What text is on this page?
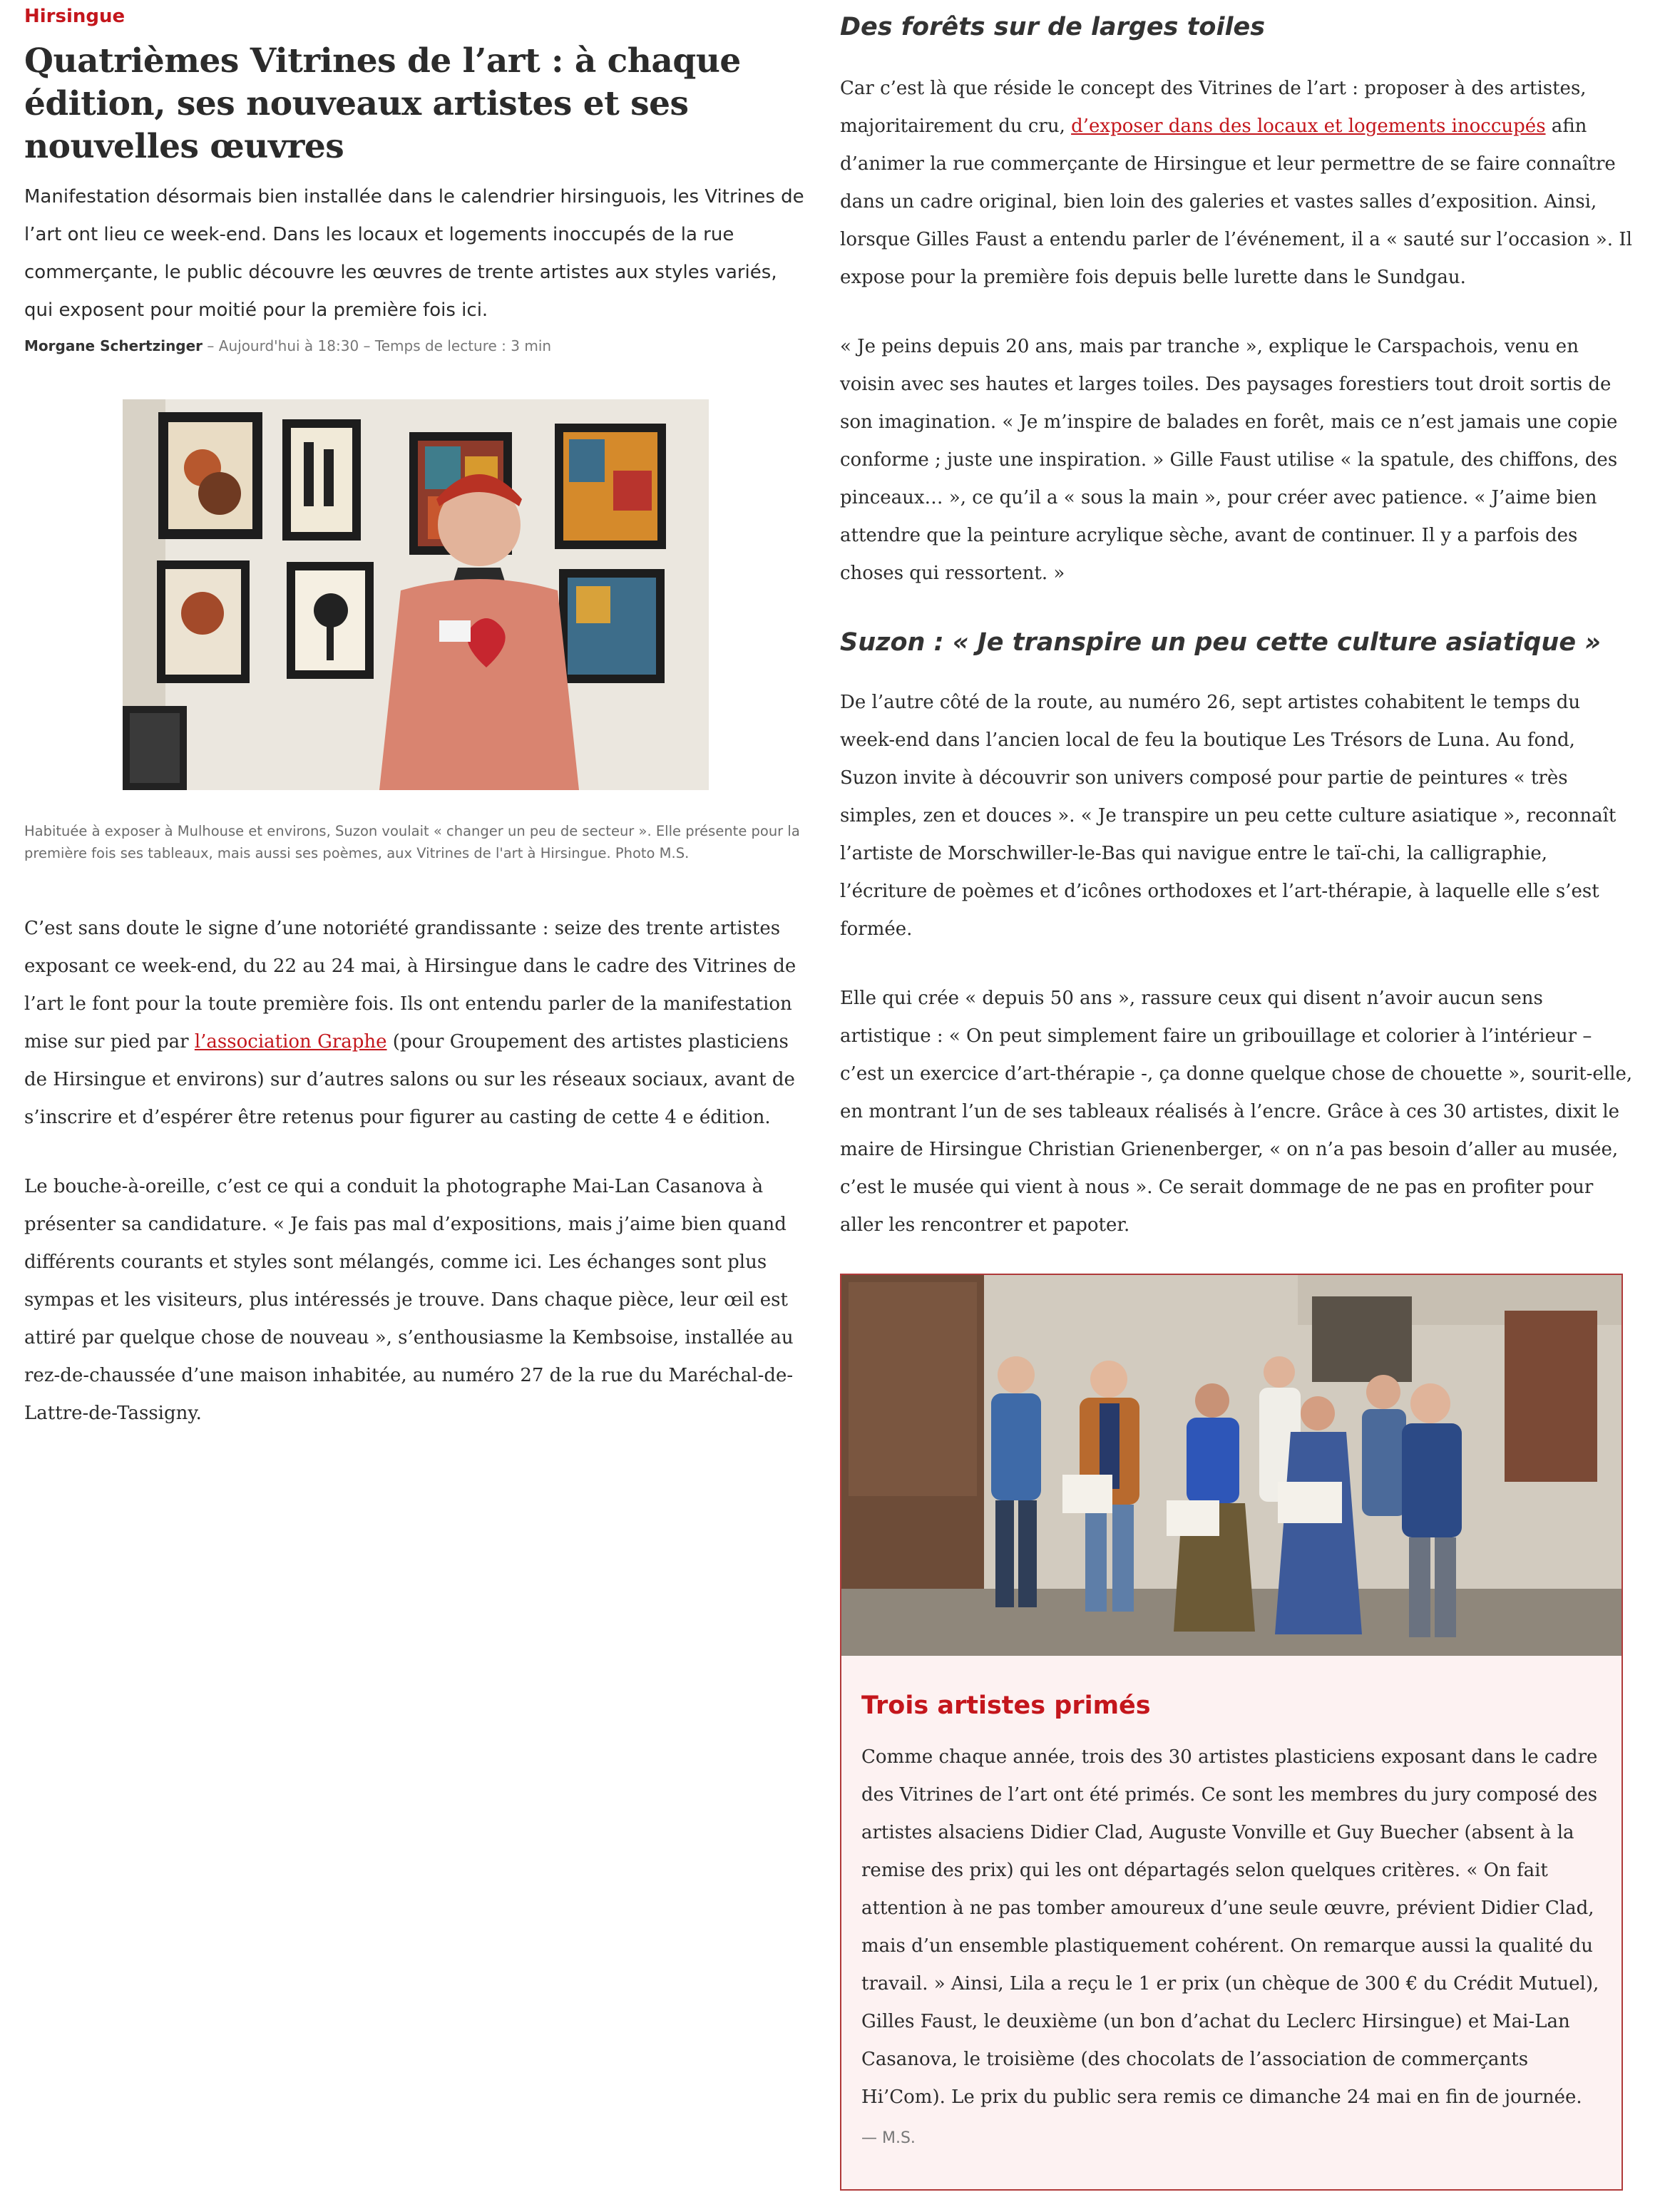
Hirsingue
Quatrièmes Vitrines de l’art : à chaque édition, ses nouveaux artistes et ses nouvelles œuvres
Manifestation désormais bien installée dans le calendrier hirsinguois, les Vitrines de l’art ont lieu ce week-end. Dans les locaux et logements inoccupés de la rue commerçante, le public découvre les œuvres de trente artistes aux styles variés, qui exposent pour moitié pour la première fois ici.
Morgane Schertzinger – Aujourd'hui à 18:30 – Temps de lecture : 3 min
Habituée à exposer à Mulhouse et environs, Suzon voulait « changer un peu de secteur ». Elle présente pour la première fois ses tableaux, mais aussi ses poèmes, aux Vitrines de l'art à Hirsingue. Photo M.S.

C’est sans doute le signe d’une notoriété grandissante : seize des trente artistes exposant ce week-end, du 22 au 24 mai, à Hirsingue dans le cadre des Vitrines de l’art le font pour la toute première fois. Ils ont entendu parler de la manifestation mise sur pied par l’association Graphe (pour Groupement des artistes plasticiens de Hirsingue et environs) sur d’autres salons ou sur les réseaux sociaux, avant de s’inscrire et d’espérer être retenus pour figurer au casting de cette 4 e édition.

Le bouche-à-oreille, c’est ce qui a conduit la photographe Mai-Lan Casanova à présenter sa candidature. « Je fais pas mal d’expositions, mais j’aime bien quand différents courants et styles sont mélangés, comme ici. Les échanges sont plus sympas et les visiteurs, plus intéressés je trouve. Dans chaque pièce, leur œil est attiré par quelque chose de nouveau », s’enthousiasme la Kembsoise, installée au rez-de-chaussée d’une maison inhabitée, au numéro 27 de la rue du Maréchal-de-Lattre-de-Tassigny.

Des forêts sur de larges toiles

Car c’est là que réside le concept des Vitrines de l’art : proposer à des artistes, majoritairement du cru, d’exposer dans des locaux et logements inoccupés afin d’animer la rue commerçante de Hirsingue et leur permettre de se faire connaître dans un cadre original, bien loin des galeries et vastes salles d’exposition. Ainsi, lorsque Gilles Faust a entendu parler de l’événement, il a « sauté sur l’occasion ». Il expose pour la première fois depuis belle lurette dans le Sundgau.

« Je peins depuis 20 ans, mais par tranche », explique le Carspachois, venu en voisin avec ses hautes et larges toiles. Des paysages forestiers tout droit sortis de son imagination. « Je m’inspire de balades en forêt, mais ce n’est jamais une copie conforme ; juste une inspiration. » Gille Faust utilise « la spatule, des chiffons, des pinceaux… », ce qu’il a « sous la main », pour créer avec patience. « J’aime bien attendre que la peinture acrylique sèche, avant de continuer. Il y a parfois des choses qui ressortent. »

Suzon : « Je transpire un peu cette culture asiatique »

De l’autre côté de la route, au numéro 26, sept artistes cohabitent le temps du week-end dans l’ancien local de feu la boutique Les Trésors de Luna. Au fond, Suzon invite à découvrir son univers composé pour partie de peintures « très simples, zen et douces ». « Je transpire un peu cette culture asiatique », reconnaît l’artiste de Morschwiller-le-Bas qui navigue entre le taï-chi, la calligraphie, l’écriture de poèmes et d’icônes orthodoxes et l’art-thérapie, à laquelle elle s’est formée.

Elle qui crée « depuis 50 ans », rassure ceux qui disent n’avoir aucun sens artistique : « On peut simplement faire un gribouillage et colorier à l’intérieur – c’est un exercice d’art-thérapie -, ça donne quelque chose de chouette », sourit-elle, en montrant l’un de ses tableaux réalisés à l’encre. Grâce à ces 30 artistes, dixit le maire de Hirsingue Christian Grienenberger, « on n’a pas besoin d’aller au musée, c’est le musée qui vient à nous ». Ce serait dommage de ne pas en profiter pour aller les rencontrer et papoter.

Trois artistes primés
Comme chaque année, trois des 30 artistes plasticiens exposant dans le cadre des Vitrines de l’art ont été primés. Ce sont les membres du jury composé des artistes alsaciens Didier Clad, Auguste Vonville et Guy Buecher (absent à la remise des prix) qui les ont départagés selon quelques critères. « On fait attention à ne pas tomber amoureux d’une seule œuvre, prévient Didier Clad, mais d’un ensemble plastiquement cohérent. On remarque aussi la qualité du travail. » Ainsi, Lila a reçu le 1 er prix (un chèque de 300 € du Crédit Mutuel), Gilles Faust, le deuxième (un bon d’achat du Leclerc Hirsingue) et Mai-Lan Casanova, le troisième (des chocolats de l’association de commerçants Hi’Com). Le prix du public sera remis ce dimanche 24 mai en fin de journée.
— M.S.
